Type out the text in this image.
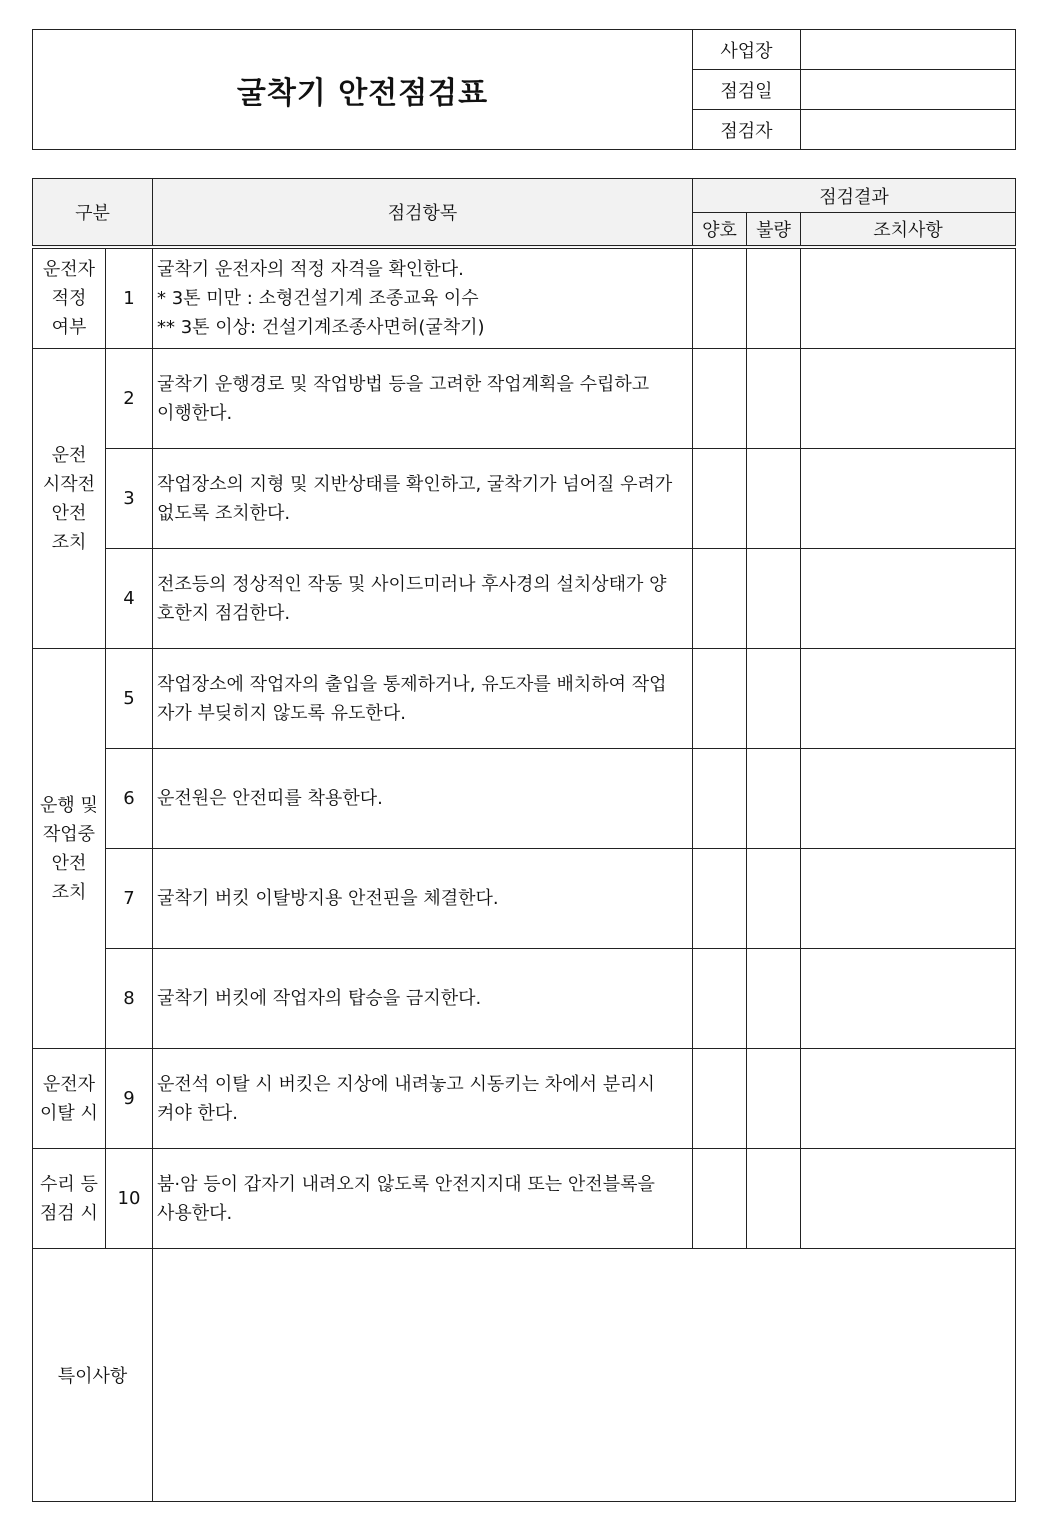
굴착기 안전점검표	사업장	
	점검일	
	점검자	
구분		점검항목	점검결과		
			양호	불량	조치사항

운전자
적정
여부	1	굴착기 운전자의 적정 자격을 확인한다.
* 3톤 미만 : 소형건설기계 조종교육 이수
** 3톤 이상: 건설기계조종사면허(굴착기)			

운전
시작전
안전
조치	2	굴착기 운행경로 및 작업방법 등을 고려한 작업계획을 수립하고
이행한다.			

	3	작업장소의 지형 및 지반상태를 확인하고, 굴착기가 넘어질 우려가
없도록 조치한다.			

	4	전조등의 정상적인 작동 및 사이드미러나 후사경의 설치상태가 양
호한지 점검한다.			

운행 및
작업중
안전
조치	5	작업장소에 작업자의 출입을 통제하거나, 유도자를 배치하여 작업
자가 부딪히지 않도록 유도한다.			

	6	운전원은 안전띠를 착용한다.			

	7	굴착기 버킷 이탈방지용 안전핀을 체결한다.			

	8	굴착기 버킷에 작업자의 탑승을 금지한다.			

운전자
이탈 시	9	운전석 이탈 시 버킷은 지상에 내려놓고 시동키는 차에서 분리시
켜야 한다.			

수리 등
점검 시	10	붐·암 등이 갑자기 내려오지 않도록 안전지지대 또는 안전블록을
사용한다.			

특이사항					
